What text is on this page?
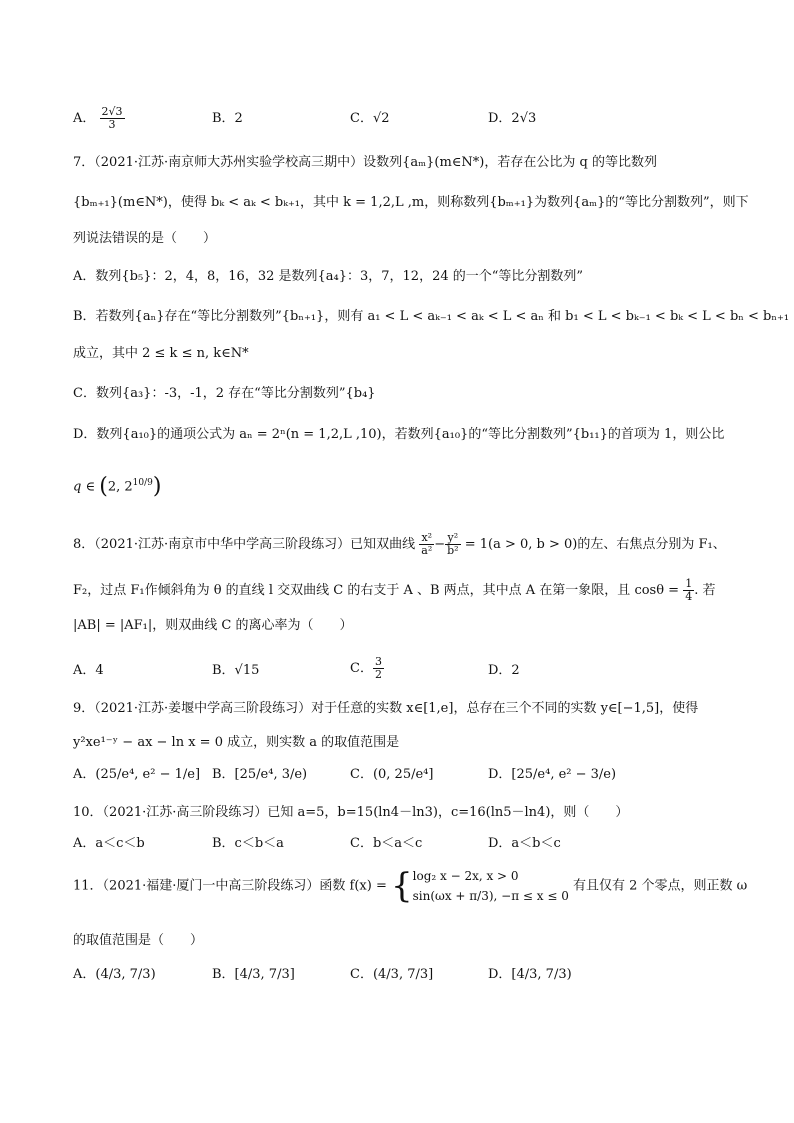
A． $\frac{2√3}{3}$	B．2	C．√2	D．2√3
7．（2021·江苏·南京师大苏州实验学校高三期中）设数列{aₘ}(m∈N*)，若存在公比为 q 的等比数列
{bₘ₊₁}(m∈N*)，使得 bₖ < aₖ < bₖ₊₁，其中 k = 1,2,L ,m，则称数列{bₘ₊₁}为数列{aₘ}的“等比分割数列”，则下
列说法错误的是（　　）
A．数列{b₅}：2，4，8，16，32 是数列{a₄}：3，7，12，24 的一个“等比分割数列”
B．若数列{aₙ}存在“等比分割数列”{bₙ₊₁}，则有 a₁ < L < aₖ₋₁ < aₖ < L < aₙ 和 b₁ < L < bₖ₋₁ < bₖ < L < bₙ < bₙ₊₁
成立，其中 2 ≤ k ≤ n, k∈N*
C．数列{a₃}：-3，-1，2 存在“等比分割数列”{b₄}
D．数列{a₁₀}的通项公式为 aₙ = 2ⁿ(n = 1,2,L ,10)，若数列{a₁₀}的“等比分割数列”{b₁₁}的首项为 1，则公比
q ∈ (2, $2^{10/9}$)
8．（2021·江苏·南京市中华中学高三阶段练习）已知双曲线 $\frac{\text{x²}}{\text{a²}} - \frac{\text{y²}}{\text{b²}} = 1(a > 0$, b > 0)的左、右焦点分别为 F₁、
F₂，过点 F₁作倾斜角为 θ 的直线 l 交双曲线 C 的右支于 A 、B 两点，其中点 A 在第一象限，且 $\cos\theta = \frac{1}{4}$ . 若
|AB| = |AF₁|，则双曲线 C 的离心率为（　　）
A．4	B．√15	C． $\frac{3}{2}$	D．2
9．（2021·江苏·姜堰中学高三阶段练习）对于任意的实数 x∈[1,e]，总存在三个不同的实数 y∈[−1,5]，使得
y²xe¹⁻ʸ − ax − ln x = 0 成立，则实数 a 的取值范围是
A．(25/e⁴, e² − 1/e] B．[25/e⁴, 3/e)	C．(0, 25/e⁴]	D．[25/e⁴, e² − 3/e)
10．（2021·江苏·高三阶段练习）已知 a=5，b=15(ln4－ln3)，c=16(ln5－ln4)，则（　　）
A．a＜c＜b	B．c＜b＜a	C．b＜a＜c	D．a＜b＜c
11．（2021·福建·厦门一中高三阶段练习）函数 f(x) = { log₂ x − 2x, x > 0
sin(ωx + π/3), −π ≤ x ≤ 0
有且仅有 2 个零点，则正数 ω
的取值范围是（　　）
A．(4/3, 7/3)	B．[4/3, 7/3]	C．(4/3, 7/3]	D．[4/3, 7/3)
